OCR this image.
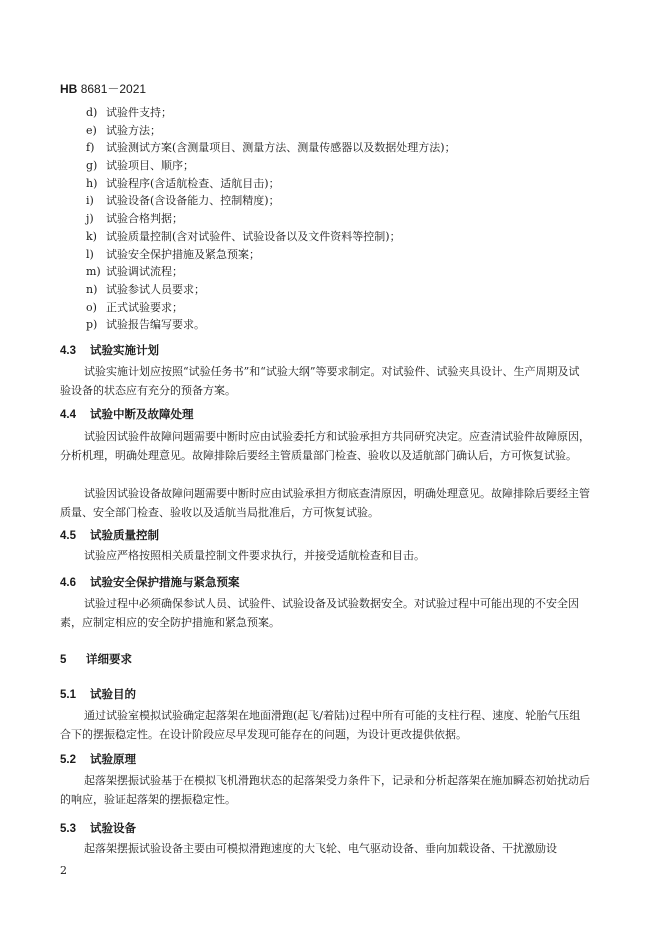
HB 8681－2021
d) 试验件支持；
e) 试验方法；
f) 试验测试方案(含测量项目、测量方法、测量传感器以及数据处理方法)；
g) 试验项目、顺序；
h) 试验程序(含适航检查、适航目击)；
i) 试验设备(含设备能力、控制精度)；
j) 试验合格判据；
k) 试验质量控制(含对试验件、试验设备以及文件资料等控制)；
l) 试验安全保护措施及紧急预案；
m) 试验调试流程；
n) 试验参试人员要求；
o) 正式试验要求；
p) 试验报告编写要求。
4.3 试验实施计划

试验实施计划应按照“试验任务书”和“试验大纲”等要求制定。对试验件、试验夹具设计、生产周期及试验设备的状态应有充分的预备方案。

4.4 试验中断及故障处理

试验因试验件故障问题需要中断时应由试验委托方和试验承担方共同研究决定。应查清试验件故障原因，分析机理，明确处理意见。故障排除后要经主管质量部门检查、验收以及适航部门确认后，方可恢复试验。

试验因试验设备故障问题需要中断时应由试验承担方彻底查清原因，明确处理意见。故障排除后要经主管质量、安全部门检查、验收以及适航当局批准后，方可恢复试验。

4.5 试验质量控制

试验应严格按照相关质量控制文件要求执行，并接受适航检查和目击。

4.6 试验安全保护措施与紧急预案

试验过程中必须确保参试人员、试验件、试验设备及试验数据安全。对试验过程中可能出现的不安全因素，应制定相应的安全防护措施和紧急预案。

5 详细要求
5.1 试验目的

通过试验室模拟试验确定起落架在地面滑跑(起飞/着陆)过程中所有可能的支柱行程、速度、轮胎气压组合下的摆振稳定性。在设计阶段应尽早发现可能存在的问题，为设计更改提供依据。

5.2 试验原理

起落架摆振试验基于在模拟飞机滑跑状态的起落架受力条件下，记录和分析起落架在施加瞬态初始扰动后的响应，验证起落架的摆振稳定性。

5.3 试验设备

起落架摆振试验设备主要由可模拟滑跑速度的大飞轮、电气驱动设备、垂向加载设备、干扰激励设

2
